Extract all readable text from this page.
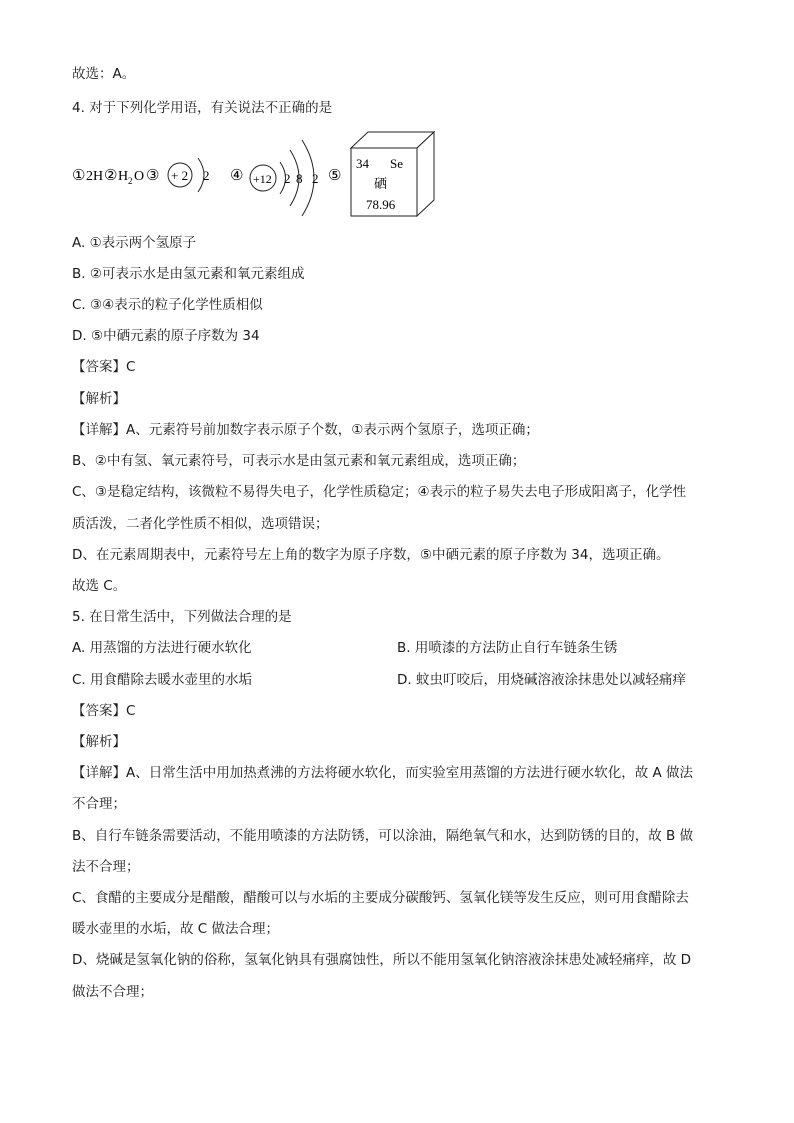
故选：A。
4. 对于下列化学用语，有关说法不正确的是
① 2H ② H 2 O ③ + 2 2 ④ +12 2 8 2 ⑤
34 Se
硒
78.96
A. ①表示两个氢原子
B. ②可表示水是由氢元素和氧元素组成
C. ③④表示的粒子化学性质相似
D. ⑤中硒元素的原子序数为 34
【答案】C
【解析】
【详解】A、元素符号前加数字表示原子个数，①表示两个氢原子，选项正确；
B、②中有氢、氧元素符号，可表示水是由氢元素和氧元素组成，选项正确；
C、③是稳定结构，该微粒不易得失电子，化学性质稳定；④表示的粒子易失去电子形成阳离子，化学性
质活泼，二者化学性质不相似，选项错误；
D、在元素周期表中，元素符号左上角的数字为原子序数，⑤中硒元素的原子序数为 34，选项正确。
故选 C。
5. 在日常生活中，下列做法合理的是
A. 用蒸馏的方法进行硬水软化	B. 用喷漆的方法防止自行车链条生锈
C. 用食醋除去暖水壶里的水垢	D. 蚊虫叮咬后，用烧碱溶液涂抹患处以减轻痛痒
【答案】C
【解析】
【详解】A、日常生活中用加热煮沸的方法将硬水软化，而实验室用蒸馏的方法进行硬水软化，故 A 做法
不合理；
B、自行车链条需要活动，不能用喷漆的方法防锈，可以涂油，隔绝氧气和水，达到防锈的目的，故 B 做
法不合理；
C、食醋的主要成分是醋酸，醋酸可以与水垢的主要成分碳酸钙、氢氧化镁等发生反应，则可用食醋除去
暖水壶里的水垢，故 C 做法合理；
D、烧碱是氢氧化钠的俗称，氢氧化钠具有强腐蚀性，所以不能用氢氧化钠溶液涂抹患处减轻痛痒，故 D
做法不合理；
